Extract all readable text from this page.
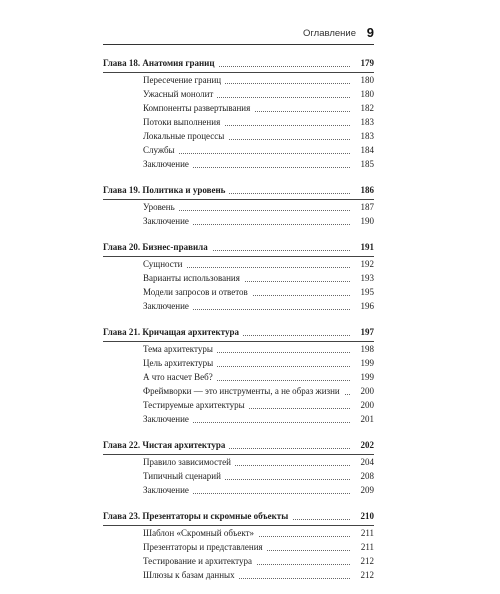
Оглавление 9
Глава 18. Анатомия границ	179
Пересечение границ	180
Ужасный монолит	180
Компоненты развертывания	182
Потоки выполнения	183
Локальные процессы	183
Службы	184
Заключение	185
Глава 19. Политика и уровень	186
Уровень	187
Заключение	190
Глава 20. Бизнес-правила	191
Сущности	192
Варианты использования	193
Модели запросов и ответов	195
Заключение	196
Глава 21. Кричащая архитектура	197
Тема архитектуры	198
Цель архитектуры	199
А что насчет Веб?	199
Фреймворки — это инструменты, а не образ жизни	200
Тестируемые архитектуры	200
Заключение	201
Глава 22. Чистая архитектура	202
Правило зависимостей	204
Типичный сценарий	208
Заключение	209
Глава 23. Презентаторы и скромные объекты	210
Шаблон «Скромный объект»	211
Презентаторы и представления	211
Тестирование и архитектура	212
Шлюзы к базам данных	212
